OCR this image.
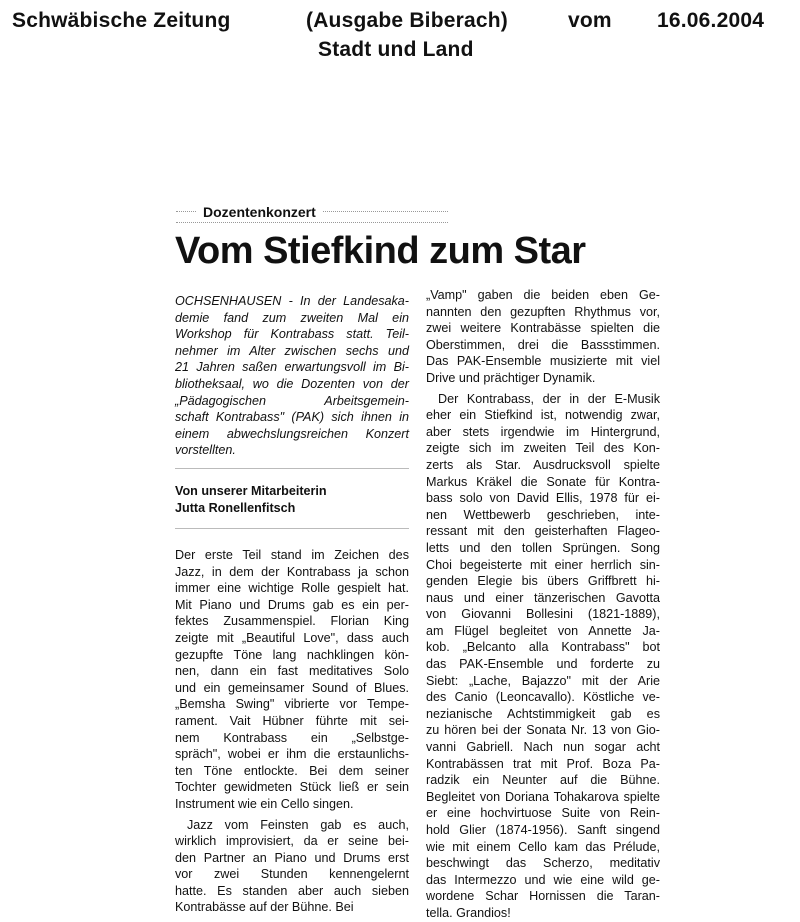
Schwäbische Zeitung	(Ausgabe Biberach)	vom 16.06.2004
Stadt und Land
Dozentenkonzert
Vom Stiefkind zum Star
OCHSENHAUSEN - In der Landesaka-
demie fand zum zweiten Mal ein
Workshop für Kontrabass statt. Teil-
nehmer im Alter zwischen sechs und
21 Jahren saßen erwartungsvoll im Bi-
bliotheksaal, wo die Dozenten von der
„Pädagogischen Arbeitsgemein-
schaft Kontrabass" (PAK) sich ihnen in
einem abwechslungsreichen Konzert
vorstellten.
Von unserer Mitarbeiterin
Jutta Ronellenfitsch
Der erste Teil stand im Zeichen des
Jazz, in dem der Kontrabass ja schon
immer eine wichtige Rolle gespielt hat.
Mit Piano und Drums gab es ein per-
fektes Zusammenspiel. Florian King
zeigte mit „Beautiful Love", dass auch
gezupfte Töne lang nachklingen kön-
nen, dann ein fast meditatives Solo
und ein gemeinsamer Sound of Blues.
„Bemsha Swing" vibrierte vor Tempe-
rament. Vait Hübner führte mit sei-
nem Kontrabass ein „Selbstge-
spräch", wobei er ihm die erstaunlichs-
ten Töne entlockte. Bei dem seiner
Tochter gewidmeten Stück ließ er sein
Instrument wie ein Cello singen.
Jazz vom Feinsten gab es auch,
wirklich improvisiert, da er seine bei-
den Partner an Piano und Drums erst
vor zwei Stunden kennengelernt
hatte. Es standen aber auch sieben
Kontrabässe auf der Bühne. Bei
„Vamp" gaben die beiden eben Ge-
nannten den gezupften Rhythmus vor,
zwei weitere Kontrabässe spielten die
Oberstimmen, drei die Bassstimmen.
Das PAK-Ensemble musizierte mit viel
Drive und prächtiger Dynamik.
Der Kontrabass, der in der E-Musik
eher ein Stiefkind ist, notwendig zwar,
aber stets irgendwie im Hintergrund,
zeigte sich im zweiten Teil des Kon-
zerts als Star. Ausdrucksvoll spielte
Markus Kräkel die Sonate für Kontra-
bass solo von David Ellis, 1978 für ei-
nen Wettbewerb geschrieben, inte-
ressant mit den geisterhaften Flageo-
letts und den tollen Sprüngen. Song
Choi begeisterte mit einer herrlich sin-
genden Elegie bis übers Griffbrett hi-
naus und einer tänzerischen Gavotta
von Giovanni Bollesini (1821-1889),
am Flügel begleitet von Annette Ja-
kob. „Belcanto alla Kontrabass" bot
das PAK-Ensemble und forderte zu
Siebt: „Lache, Bajazzo" mit der Arie
des Canio (Leoncavallo). Köstliche ve-
nezianische Achtstimmigkeit gab es
zu hören bei der Sonata Nr. 13 von Gio-
vanni Gabriell. Nach nun sogar acht
Kontrabässen trat mit Prof. Boza Pa-
radzik ein Neunter auf die Bühne.
Begleitet von Doriana Tohakarova spielte
er eine hochvirtuose Suite von Rein-
hold Glier (1874-1956). Sanft singend
wie mit einem Cello kam das Prélude,
beschwingt das Scherzo, meditativ
das Intermezzo und wie eine wild ge-
wordene Schar Hornissen die Taran-
tella. Grandios!
